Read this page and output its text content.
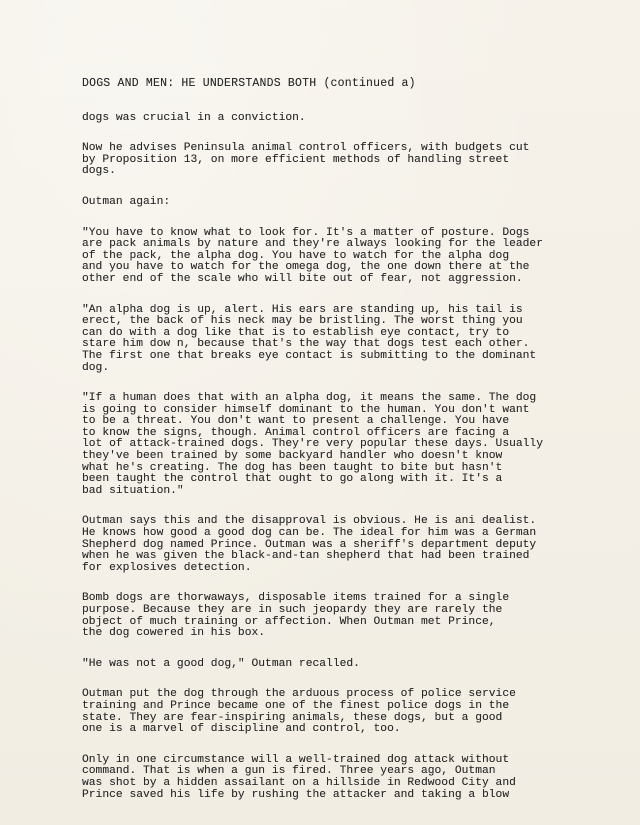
DOGS AND MEN: HE UNDERSTANDS BOTH (continued a)
dogs was crucial in a conviction.
Now he advises Peninsula animal control officers, with budgets cut
by Proposition 13, on more efficient methods of handling street
dogs.
Outman again:
"You have to know what to look for. It's a matter of posture. Dogs
are pack animals by nature and they're always looking for the leader
of the pack, the alpha dog. You have to watch for the alpha dog
and you have to watch for the omega dog, the one down there at the
other end of the scale who will bite out of fear, not aggression.
"An alpha dog is up, alert. His ears are standing up, his tail is
erect, the back of his neck may be bristling. The worst thing you
can do with a dog like that is to establish eye contact, try to
stare him dow n, because that's the way that dogs test each other.
The first one that breaks eye contact is submitting to the dominant
dog.
"If a human does that with an alpha dog, it means the same. The dog
is going to consider himself dominant to the human. You don't want
to be a threat. You don't want to present a challenge. You have
to know the signs, though. Animal control officers are facing a
lot of attack-trained dogs. They're very popular these days. Usually
they've been trained by some backyard handler who doesn't know
what he's creating. The dog has been taught to bite but hasn't
been taught the control that ought to go along with it. It's a
bad situation."
Outman says this and the disapproval is obvious. He is ani dealist.
He knows how good a good dog can be. The ideal for him was a German
Shepherd dog named Prince. Outman was a sheriff's department deputy
when he was given the black-and-tan shepherd that had been trained
for explosives detection.
Bomb dogs are thorwaways, disposable items trained for a single
purpose. Because they are in such jeopardy they are rarely the
object of much training or affection. When Outman met Prince,
the dog cowered in his box.
"He was not a good dog," Outman recalled.
Outman put the dog through the arduous process of police service
training and Prince became one of the finest police dogs in the
state. They are fear-inspiring animals, these dogs, but a good
one is a marvel of discipline and control, too.
Only in one circumstance will a well-trained dog attack without
command. That is when a gun is fired. Three years ago, Outman
was shot by a hidden assailant on a hillside in Redwood City and
Prince saved his life by rushing the attacker and taking a blow
